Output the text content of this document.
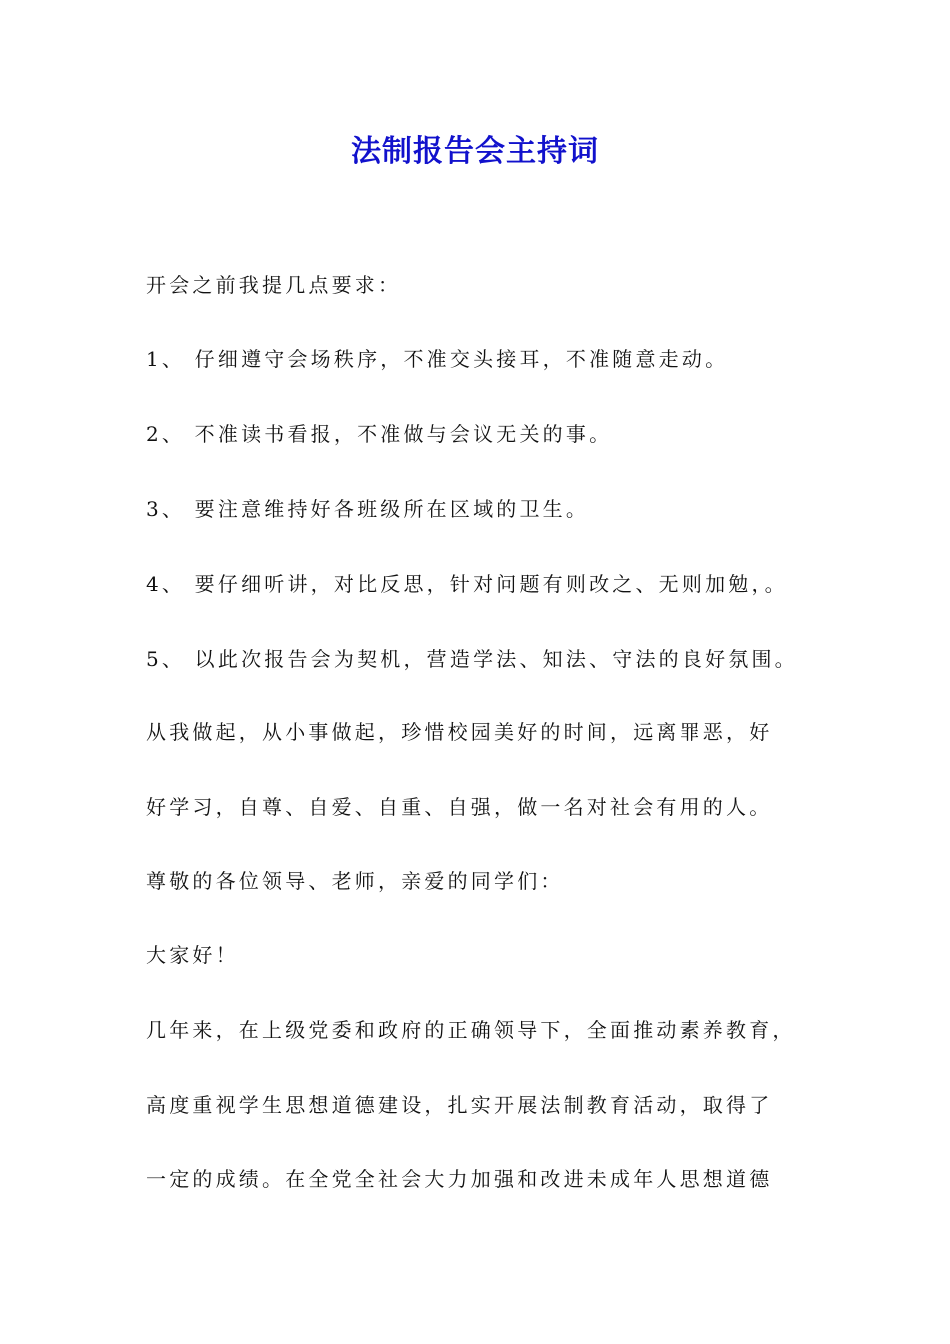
法制报告会主持词
开会之前我提几点要求：
1、 仔细遵守会场秩序，不准交头接耳，不准随意走动。
2、 不准读书看报，不准做与会议无关的事。
3、 要注意维持好各班级所在区域的卫生。
4、 要仔细听讲，对比反思，针对问题有则改之、无则加勉，。
5、 以此次报告会为契机，营造学法、知法、守法的良好氛围。
从我做起，从小事做起，珍惜校园美好的时间，远离罪恶，好
好学习，自尊、自爱、自重、自强，做一名对社会有用的人。
尊敬的各位领导、老师，亲爱的同学们：
大家好！
几年来，在上级党委和政府的正确领导下，全面推动素养教育，
高度重视学生思想道德建设，扎实开展法制教育活动，取得了
一定的成绩。在全党全社会大力加强和改进未成年人思想道德
